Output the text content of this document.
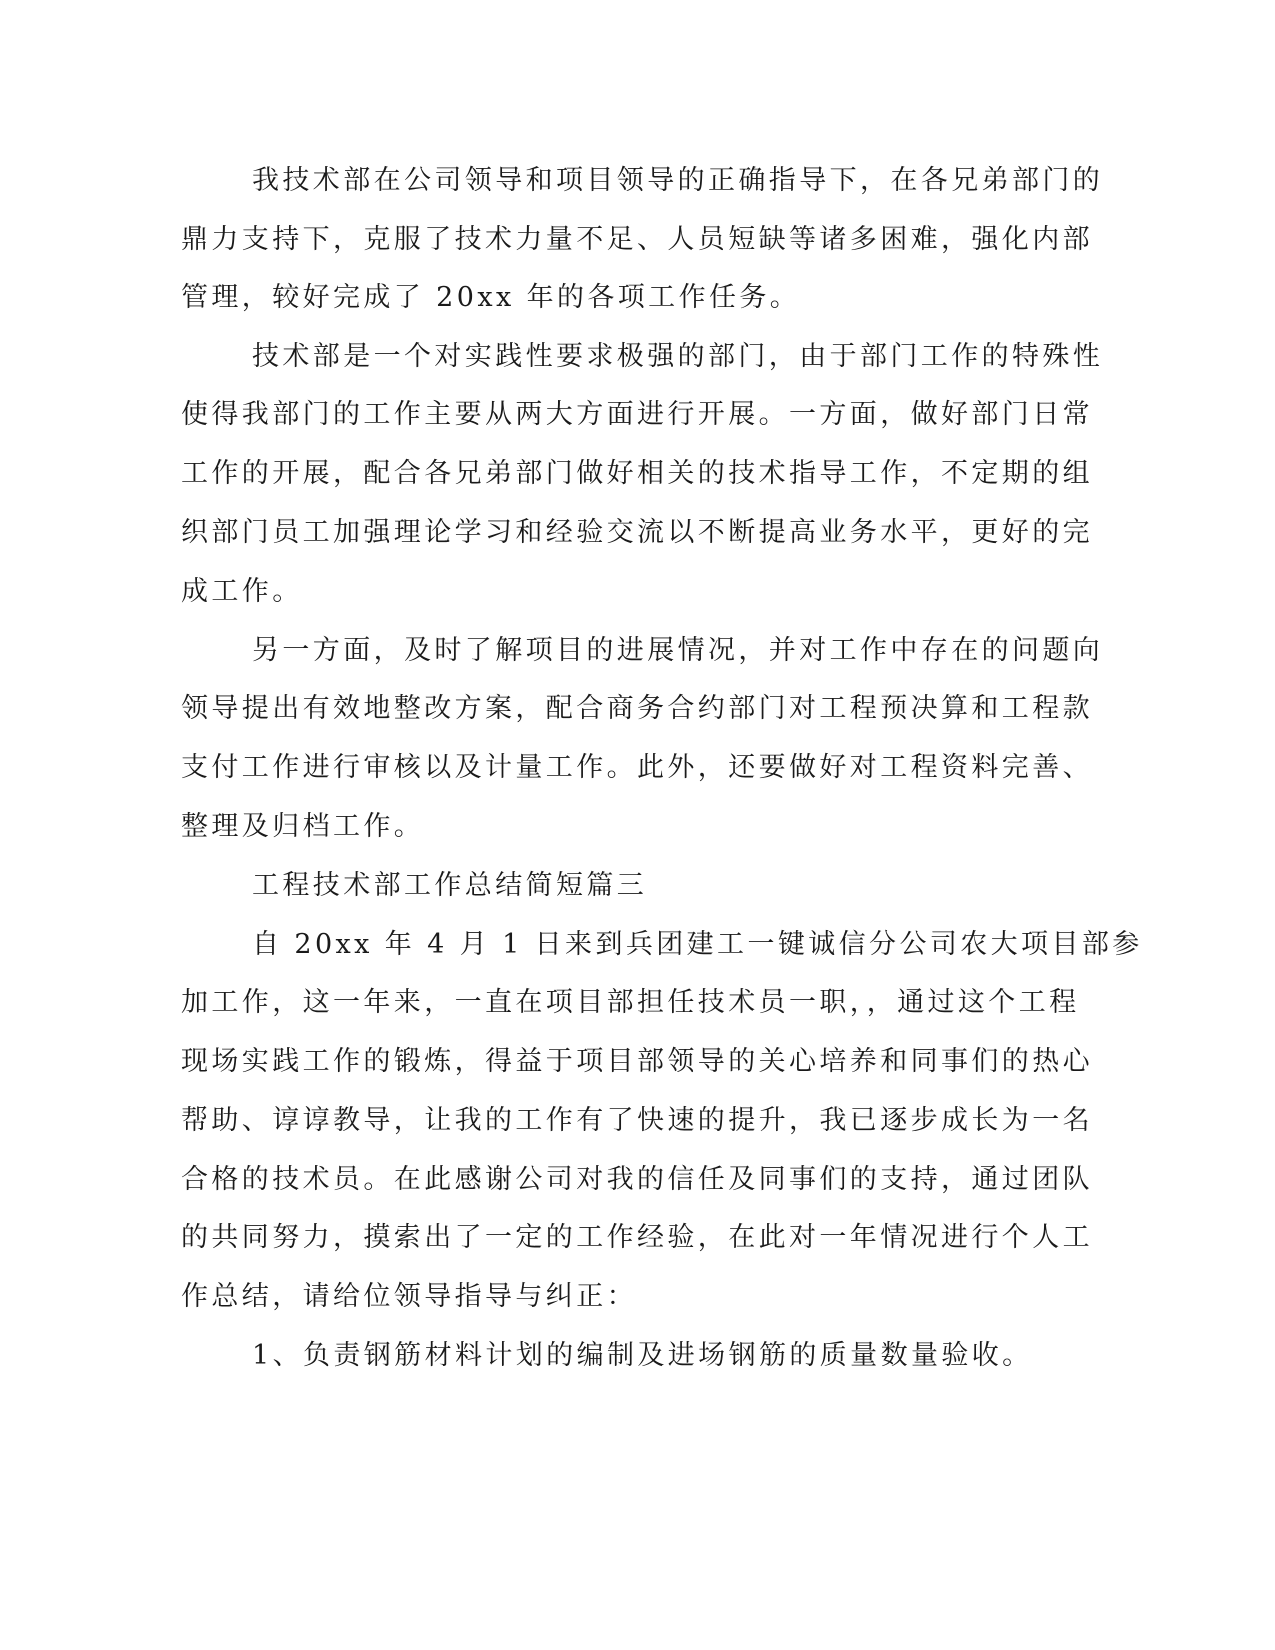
我技术部在公司领导和项目领导的正确指导下，在各兄弟部门的

鼎力支持下，克服了技术力量不足、人员短缺等诸多困难，强化内部

管理，较好完成了 20xx 年的各项工作任务。

技术部是一个对实践性要求极强的部门，由于部门工作的特殊性

使得我部门的工作主要从两大方面进行开展。一方面，做好部门日常

工作的开展，配合各兄弟部门做好相关的技术指导工作，不定期的组

织部门员工加强理论学习和经验交流以不断提高业务水平，更好的完

成工作。

另一方面，及时了解项目的进展情况，并对工作中存在的问题向

领导提出有效地整改方案，配合商务合约部门对工程预决算和工程款

支付工作进行审核以及计量工作。此外，还要做好对工程资料完善、

整理及归档工作。

工程技术部工作总结简短篇三

自 20xx 年 4 月 1 日来到兵团建工一键诚信分公司农大项目部参

加工作，这一年来，一直在项目部担任技术员一职，，通过这个工程

现场实践工作的锻炼，得益于项目部领导的关心培养和同事们的热心

帮助、谆谆教导，让我的工作有了快速的提升，我已逐步成长为一名

合格的技术员。在此感谢公司对我的信任及同事们的支持，通过团队

的共同努力，摸索出了一定的工作经验，在此对一年情况进行个人工

作总结，请给位领导指导与纠正：

1、负责钢筋材料计划的编制及进场钢筋的质量数量验收。
